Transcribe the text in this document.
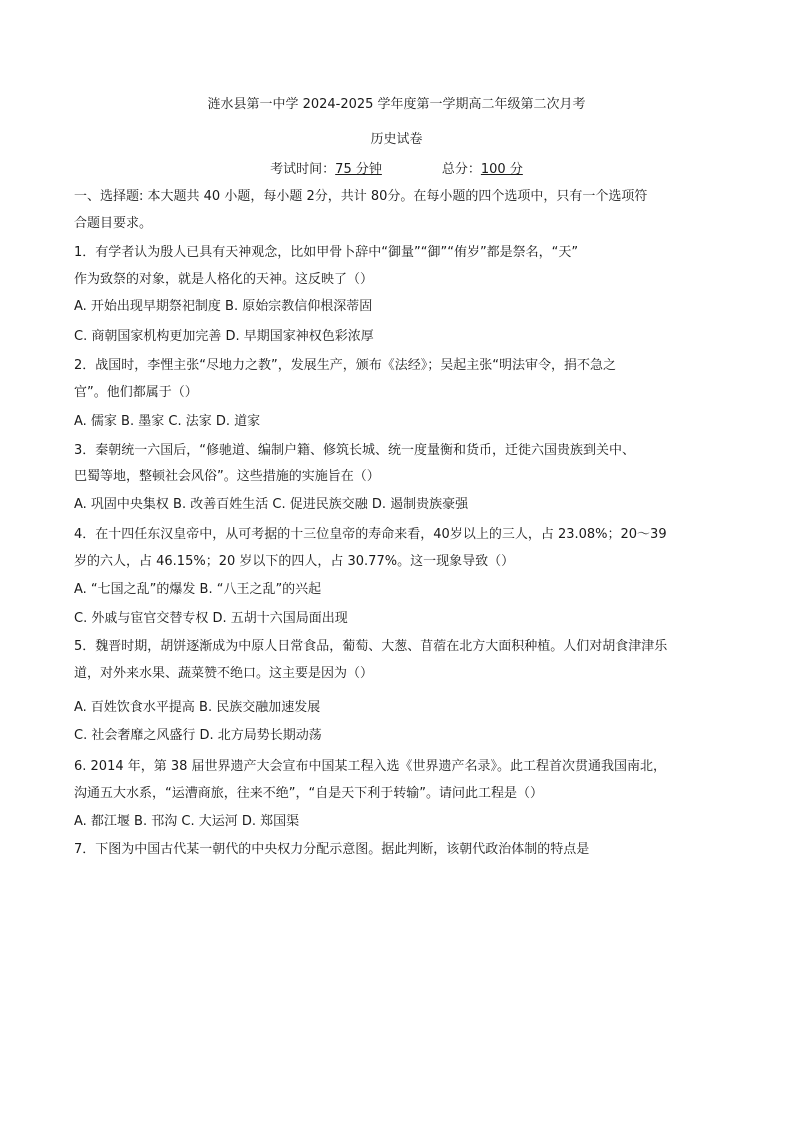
涟水县第一中学 2024-2025 学年度第一学期高二年级第二次月考
历史试卷
考试时间：75 分钟	总分：100 分
一、选择题: 本大题共 40 小题，每小题 2分，共计 80分。在每小题的四个选项中，只有一个选项符
合题目要求。
1．有学者认为殷人已具有天神观念，比如甲骨卜辞中“御量”“御”“侑岁”都是祭名，“天”
作为致祭的对象，就是人格化的天神。这反映了（）
A. 开始出现早期祭祀制度 B. 原始宗教信仰根深蒂固
C. 商朝国家机构更加完善 D. 早期国家神权色彩浓厚
2．战国时，李悝主张“尽地力之教”，发展生产，颁布《法经》；吴起主张“明法审令，捐不急之
官”。他们都属于（）
A. 儒家 B. 墨家 C. 法家 D. 道家
3．秦朝统一六国后，“修驰道、编制户籍、修筑长城、统一度量衡和货币，迁徙六国贵族到关中、
巴蜀等地，整顿社会风俗”。这些措施的实施旨在（）
A. 巩固中央集权 B. 改善百姓生活 C. 促进民族交融 D. 遏制贵族豪强
4．在十四任东汉皇帝中，从可考据的十三位皇帝的寿命来看，40岁以上的三人，占 23.08%；20～39
岁的六人，占 46.15%；20 岁以下的四人，占 30.77%。这一现象导致（）
A. “七国之乱”的爆发 B. “八王之乱”的兴起
C. 外戚与宦官交替专权 D. 五胡十六国局面出现
5．魏晋时期，胡饼逐渐成为中原人日常食品，葡萄、大葱、苜蓿在北方大面积种植。人们对胡食津津乐
道，对外来水果、蔬菜赞不绝口。这主要是因为（）
A. 百姓饮食水平提高 B. 民族交融加速发展
C. 社会奢靡之风盛行 D. 北方局势长期动荡
6. 2014 年，第 38 届世界遗产大会宣布中国某工程入选《世界遗产名录》。此工程首次贯通我国南北，
沟通五大水系，“运漕商旅，往来不绝”，“自是天下利于转输”。请问此工程是（）
A. 都江堰 B. 邗沟 C. 大运河 D. 郑国渠
7．下图为中国古代某一朝代的中央权力分配示意图。据此判断，该朝代政治体制的特点是
